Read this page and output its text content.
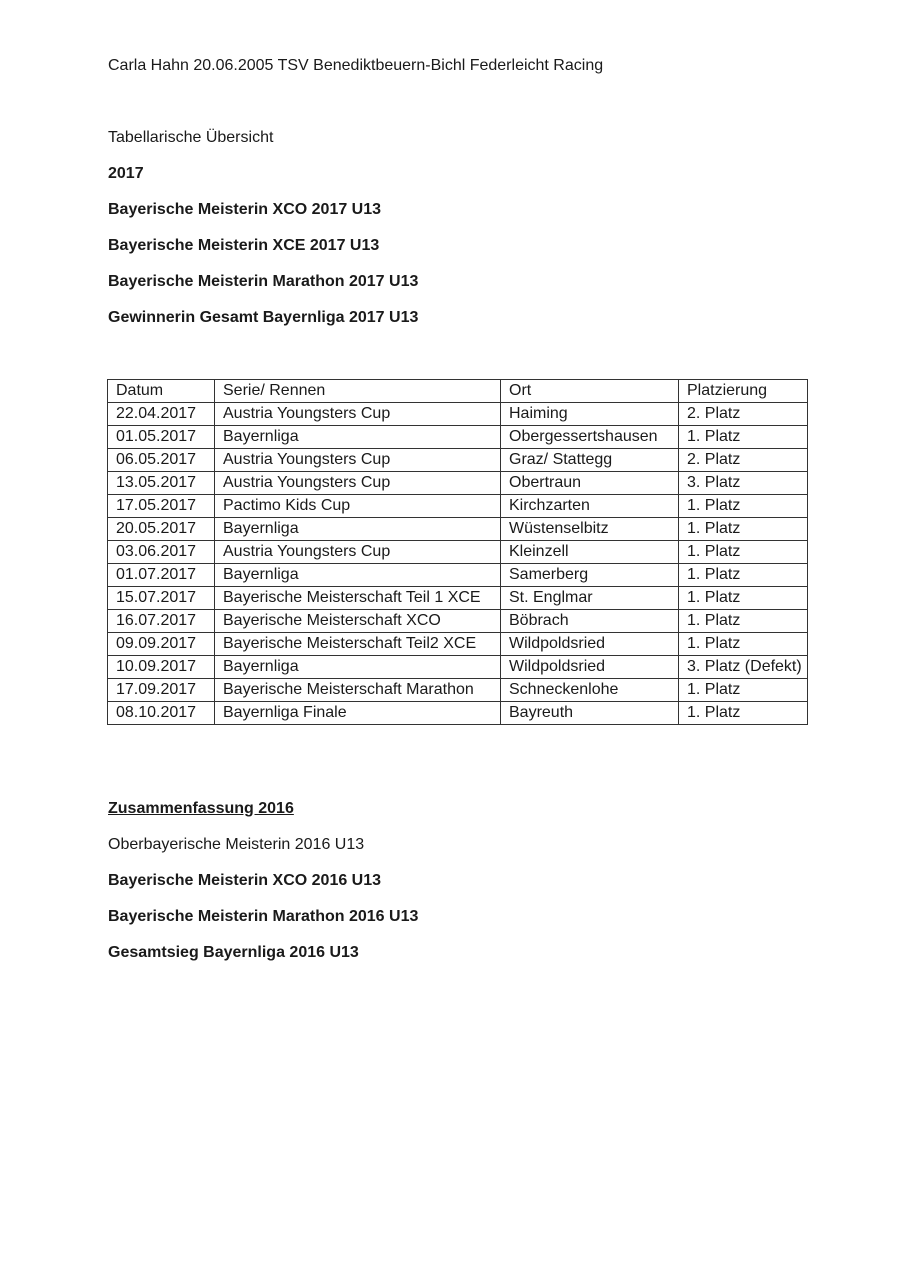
Carla Hahn 20.06.2005 TSV Benediktbeuern-Bichl Federleicht Racing
Tabellarische Übersicht
2017
Bayerische Meisterin XCO 2017 U13
Bayerische Meisterin XCE 2017 U13
Bayerische Meisterin Marathon 2017 U13
Gewinnerin Gesamt Bayernliga 2017 U13
Datum	Serie/ Rennen	Ort	Platzierung
22.04.2017	Austria Youngsters Cup	Haiming	2. Platz
01.05.2017	Bayernliga	Obergessertshausen	1. Platz
06.05.2017	Austria Youngsters Cup	Graz/ Stattegg	2. Platz
13.05.2017	Austria Youngsters Cup	Obertraun	3. Platz
17.05.2017	Pactimo Kids Cup	Kirchzarten	1. Platz
20.05.2017	Bayernliga	Wüstenselbitz	1. Platz
03.06.2017	Austria Youngsters Cup	Kleinzell	1. Platz
01.07.2017	Bayernliga	Samerberg	1. Platz
15.07.2017	Bayerische Meisterschaft Teil 1 XCE	St. Englmar	1. Platz
16.07.2017	Bayerische Meisterschaft XCO	Böbrach	1. Platz
09.09.2017	Bayerische Meisterschaft Teil2 XCE	Wildpoldsried	1. Platz
10.09.2017	Bayernliga	Wildpoldsried	3. Platz (Defekt)
17.09.2017	Bayerische Meisterschaft Marathon	Schneckenlohe	1. Platz
08.10.2017	Bayernliga Finale	Bayreuth	1. Platz
Zusammenfassung 2016
Oberbayerische Meisterin 2016 U13
Bayerische Meisterin XCO 2016 U13
Bayerische Meisterin Marathon 2016 U13
Gesamtsieg Bayernliga 2016 U13
